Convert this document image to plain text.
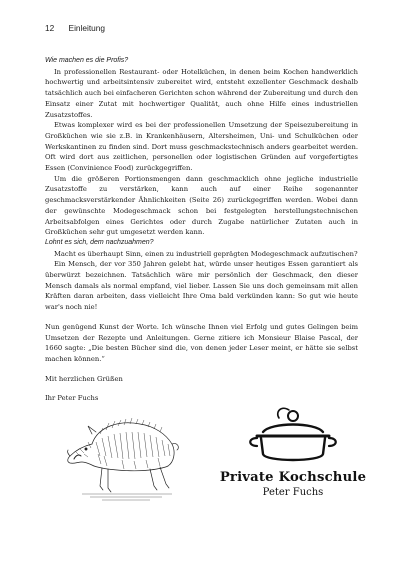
12 Einleitung

Wie machen es die Profis?

In professionellen Restaurant- oder Hotelküchen, in denen beim Kochen handwerklich hochwertig und arbeitsintensiv zubereitet wird, entsteht exzellenter Geschmack deshalb tatsächlich auch bei einfacheren Gerichten schon während der Zubereitung und durch den Einsatz einer Zutat mit hochwertiger Qualität, auch ohne Hilfe eines industriellen Zusatzstoffes.

Etwas komplexer wird es bei der professionellen Umsetzung der Speisezubereitung in Großküchen wie sie z.B. in Krankenhäusern, Altersheimen, Uni- und Schulküchen oder Werkskantinen zu finden sind. Dort muss geschmackstechnisch anders gearbeitet werden. Oft wird dort aus zeitlichen, personellen oder logistischen Gründen auf vorgefertigtes Essen (Convinience Food) zurückgegriffen.

Um die größeren Portionsmengen dann geschmacklich ohne jegliche industrielle Zusatzstoffe zu verstärken, kann auch auf einer Reihe sogenannter geschmacksverstärkender Ähnlichkeiten (Seite 26) zurückgegriffen werden. Wobei dann der gewünschte Modegeschmack schon bei festgelegten herstellungstechnischen Arbeitsabfolgen eines Gerichtes oder durch Zugabe natürlicher Zutaten auch in Großküchen sehr gut umgesetzt werden kann.

Lohnt es sich, dem nachzuahmen?

Macht es überhaupt Sinn, einen zu industriell geprägten Modegeschmack aufzutischen?

Ein Mensch, der vor 350 Jahren gelebt hat, würde unser heutiges Essen garantiert als überwürzt bezeichnen. Tatsächlich wäre mir persönlich der Geschmack, den dieser Mensch damals als normal empfand, viel lieber. Lassen Sie uns doch gemeinsam mit allen Kräften daran arbeiten, dass vielleicht Ihre Oma bald verkünden kann: So gut wie heute war's noch nie!

Nun genügend Kunst der Worte. Ich wünsche Ihnen viel Erfolg und gutes Gelingen beim Umsetzen der Rezepte und Anleitungen. Gerne zitiere ich Monsieur Blaise Pascal, der 1660 sagte: „Die besten Bücher sind die, von denen jeder Leser meint, er hätte sie selbst machen können.“

Mit herzlichen Grüßen

Ihr Peter Fuchs

Private Kochschule
Peter Fuchs
